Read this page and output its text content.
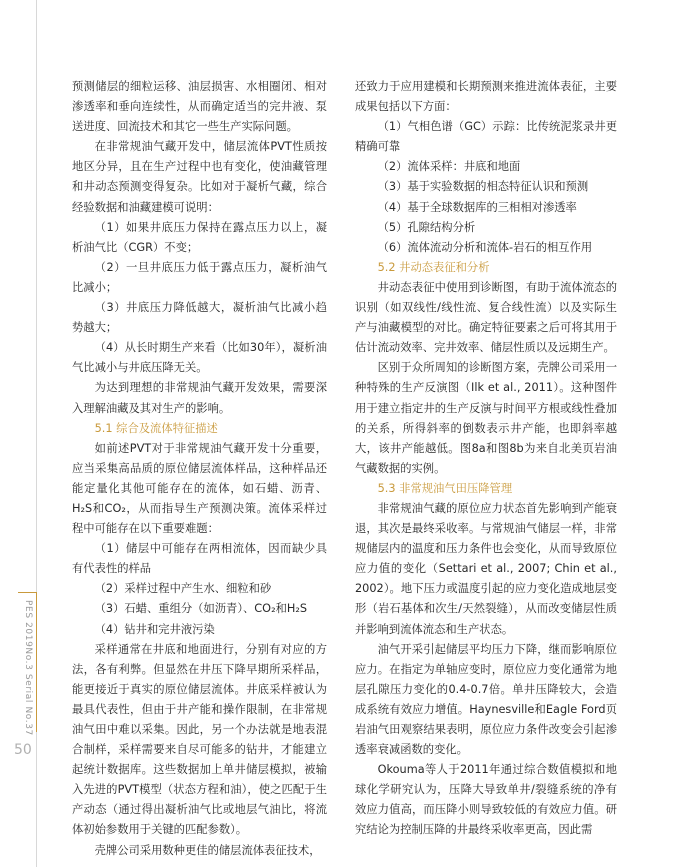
PES 2019No.3 Serial No.37
50

预测储层的细粒运移、油层损害、水相圈闭、相对渗透率和垂向连续性，从而确定适当的完井液、泵送进度、回流技术和其它一些生产实际问题。

在非常规油气藏开发中，储层流体PVT性质按地区分异，且在生产过程中也有变化，使油藏管理和井动态预测变得复杂。比如对于凝析气藏，综合经验数据和油藏建模可说明：

（1）如果井底压力保持在露点压力以上，凝析油气比（CGR）不变；

（2）一旦井底压力低于露点压力，凝析油气比减小；

（3）井底压力降低越大，凝析油气比减小趋势越大；

（4）从长时期生产来看（比如30年），凝析油气比减小与井底压降无关。

为达到理想的非常规油气藏开发效果，需要深入理解油藏及其对生产的影响。

5.1 综合及流体特征描述

如前述PVT对于非常规油气藏开发十分重要，应当采集高品质的原位储层流体样品，这种样品还能定量化其他可能存在的流体，如石蜡、沥青、H₂S和CO₂，从而指导生产预测决策。流体采样过程中可能存在以下重要难题：

（1）储层中可能存在两相流体，因而缺少具有代表性的样品

（2）采样过程中产生水、细粒和砂

（3）石蜡、重组分（如沥青）、CO₂和H₂S

（4）钻井和完井液污染

采样通常在井底和地面进行，分别有对应的方法，各有利弊。但显然在井压下降早期所采样品，能更接近于真实的原位储层流体。井底采样被认为最具代表性，但由于井产能和操作限制，在非常规油气田中难以采集。因此，另一个办法就是地表混合制样，采样需要来自尽可能多的钻井，才能建立起统计数据库。这些数据加上单井储层模拟，被输入先进的PVT模型（状态方程和油），使之匹配于生产动态（通过得出凝析油气比或地层气油比，将流体初始参数用于关键的匹配参数）。

壳牌公司采用数种更佳的储层流体表征技术，

还致力于应用建模和长期预测来推进流体表征，主要成果包括以下方面：

（1）气相色谱（GC）示踪：比传统泥浆录井更精确可靠

（2）流体采样：井底和地面

（3）基于实验数据的相态特征认识和预测

（4）基于全球数据库的三相相对渗透率

（5）孔隙结构分析

（6）流体流动分析和流体-岩石的相互作用

5.2 井动态表征和分析

井动态表征中使用到诊断图，有助于流体流态的识别（如双线性/线性流、复合线性流）以及实际生产与油藏模型的对比。确定特征要素之后可将其用于估计流动效率、完井效率、储层性质以及远期生产。

区别于众所周知的诊断图方案，壳牌公司采用一种特殊的生产反演图（Ilk et al., 2011）。这种图件用于建立指定井的生产反演与时间平方根或线性叠加的关系，所得斜率的倒数表示井产能，也即斜率越大，该井产能越低。图8a和图8b为来自北美页岩油气藏数据的实例。

5.3 非常规油气田压降管理

非常规油气藏的原位应力状态首先影响到产能衰退，其次是最终采收率。与常规油气储层一样，非常规储层内的温度和压力条件也会变化，从而导致原位应力值的变化（Settari et al., 2007; Chin et al., 2002）。地下压力或温度引起的应力变化造成地层变形（岩石基体和次生/天然裂缝），从而改变储层性质并影响到流体流态和生产状态。

油气开采引起储层平均压力下降，继而影响原位应力。在指定为单轴应变时，原位应力变化通常为地层孔隙压力变化的0.4-0.7倍。单井压降较大，会造成系统有效应力增值。Haynesville和Eagle Ford页岩油气田观察结果表明，原位应力条件改变会引起渗透率衰减函数的变化。

Okouma等人于2011年通过综合数值模拟和地球化学研究认为，压降大导致单井/裂缝系统的净有效应力值高，而压降小则导致较低的有效应力值。研究结论为控制压降的井最终采收率更高，因此需
